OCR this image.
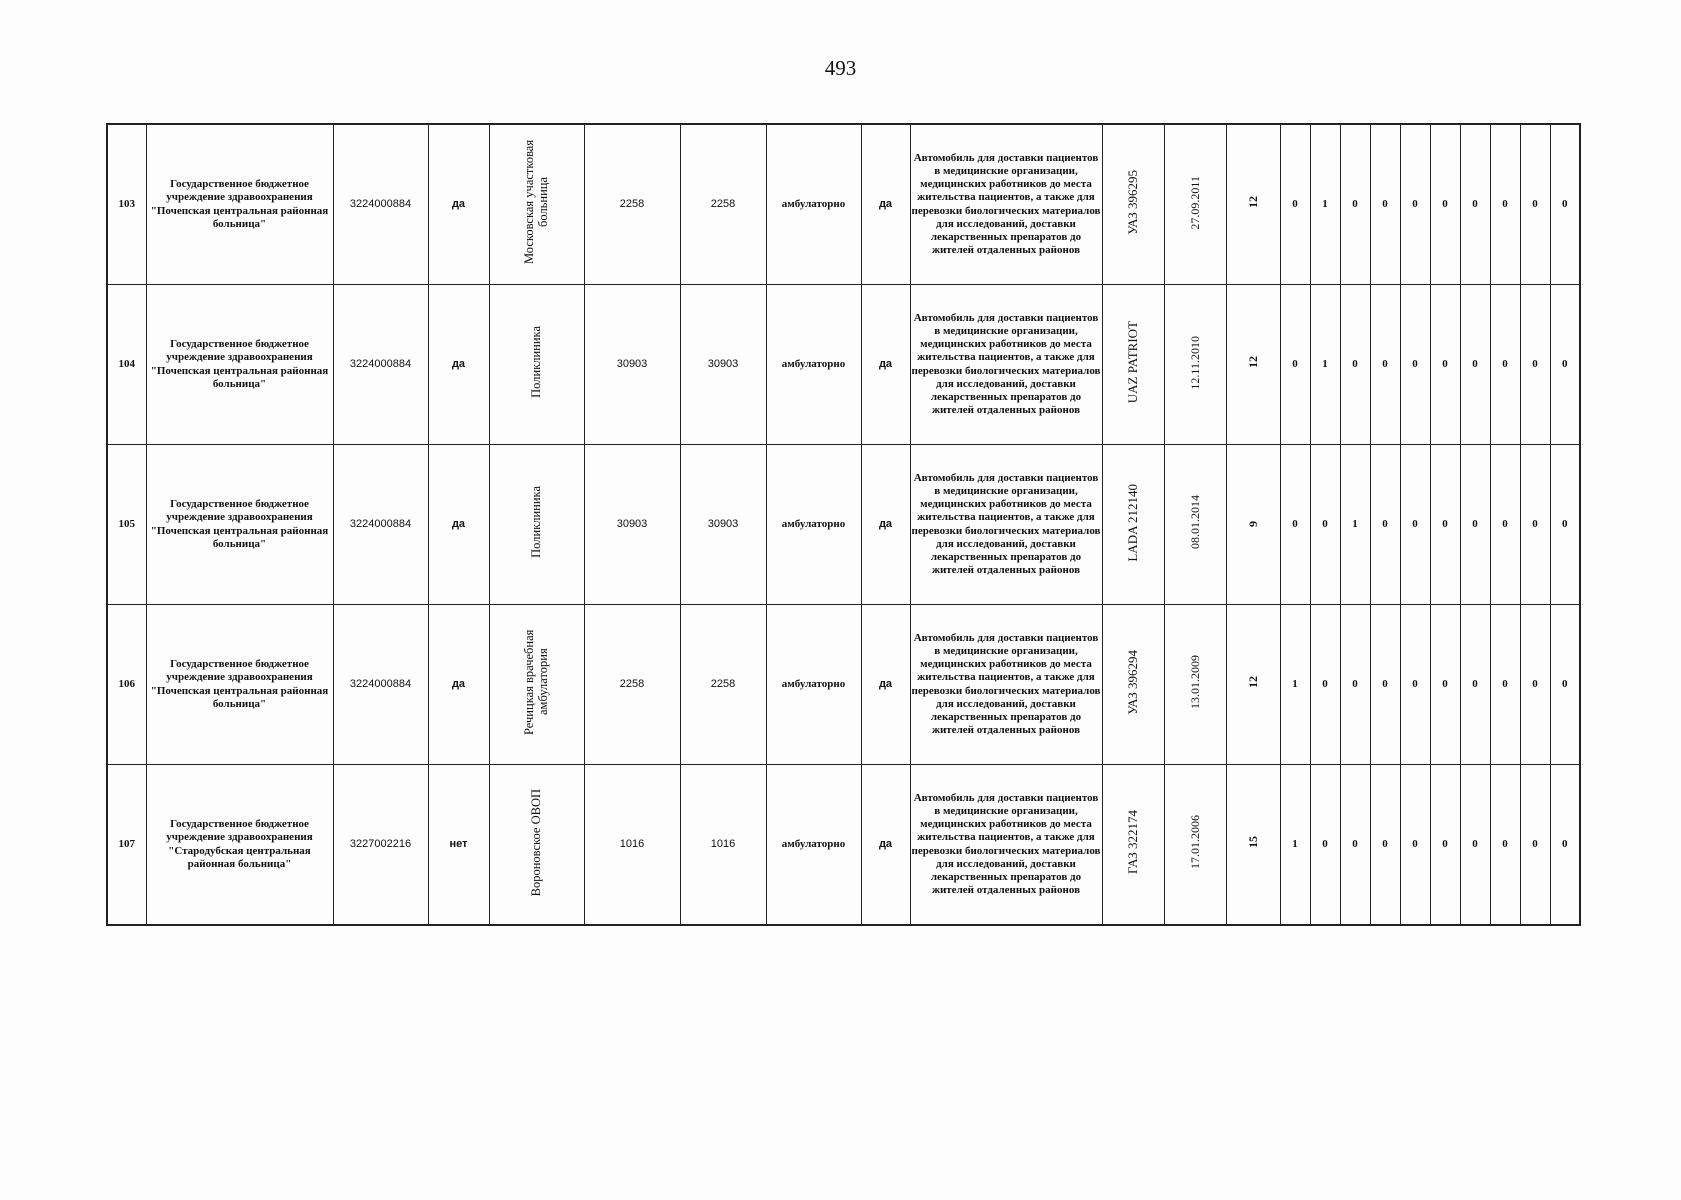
493
103	Государственное бюджетное учреждение здравоохранения "Почепская центральная районная больница"	3224000884	да	Московская участковая больница	2258	2258	амбулаторно	да	Автомобиль для доставки пациентов в медицинские организации, медицинских работников до места жительства пациентов, а также для перевозки биологических материалов для исследований, доставки лекарственных препаратов до жителей отдаленных районов	УАЗ 396295	27.09.2011	12	0	1	0	0	0	0	0	0	0	0
104	Государственное бюджетное учреждение здравоохранения "Почепская центральная районная больница"	3224000884	да	Поликлиника	30903	30903	амбулаторно	да	Автомобиль для доставки пациентов в медицинские организации, медицинских работников до места жительства пациентов, а также для перевозки биологических материалов для исследований, доставки лекарственных препаратов до жителей отдаленных районов	UAZ PATRIOT	12.11.2010	12	0	1	0	0	0	0	0	0	0	0
105	Государственное бюджетное учреждение здравоохранения "Почепская центральная районная больница"	3224000884	да	Поликлиника	30903	30903	амбулаторно	да	Автомобиль для доставки пациентов в медицинские организации, медицинских работников до места жительства пациентов, а также для перевозки биологических материалов для исследований, доставки лекарственных препаратов до жителей отдаленных районов	LADA 212140	08.01.2014	9	0	0	1	0	0	0	0	0	0	0
106	Государственное бюджетное учреждение здравоохранения "Почепская центральная районная больница"	3224000884	да	Речицкая врачебная амбулатория	2258	2258	амбулаторно	да	Автомобиль для доставки пациентов в медицинские организации, медицинских работников до места жительства пациентов, а также для перевозки биологических материалов для исследований, доставки лекарственных препаратов до жителей отдаленных районов	УАЗ 396294	13.01.2009	12	1	0	0	0	0	0	0	0	0	0
107	Государственное бюджетное учреждение здравоохранения "Стародубская центральная районная больница"	3227002216	нет	Вороновское ОВОП	1016	1016	амбулаторно	да	Автомобиль для доставки пациентов в медицинские организации, медицинских работников до места жительства пациентов, а также для перевозки биологических материалов для исследований, доставки лекарственных препаратов до жителей отдаленных районов	ГАЗ 322174	17.01.2006	15	1	0	0	0	0	0	0	0	0	0
